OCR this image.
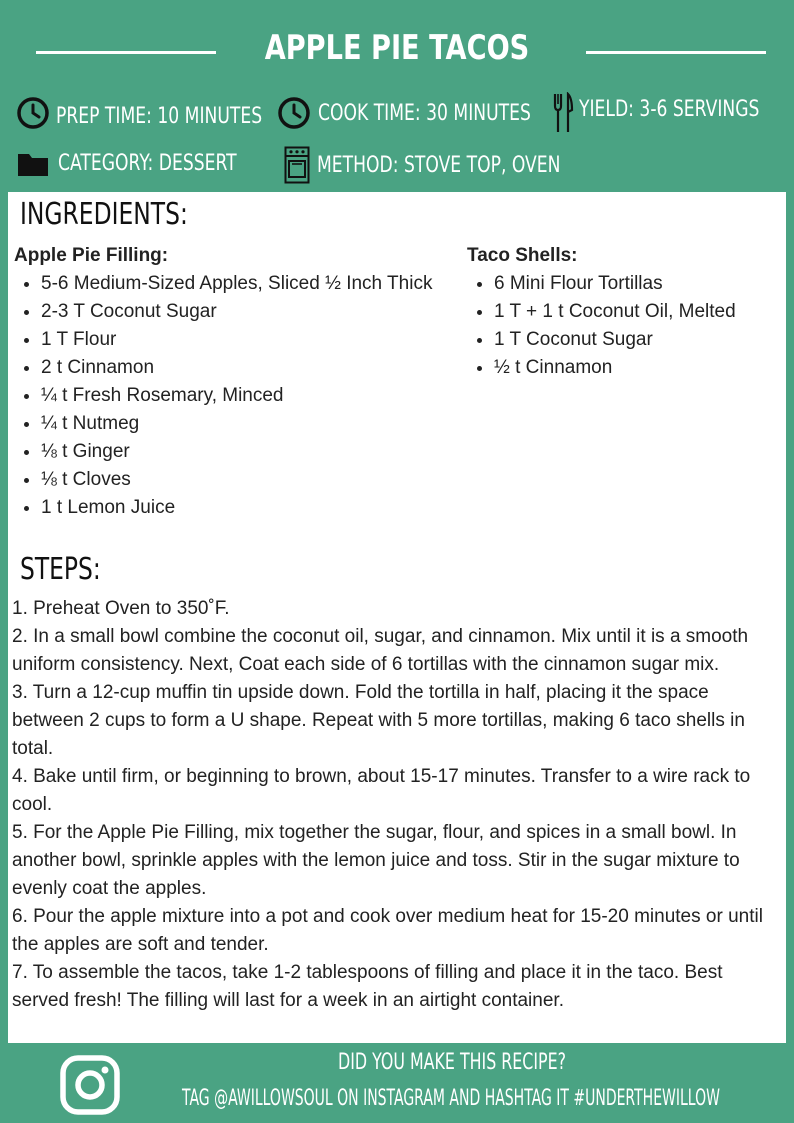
APPLE PIE TACOS
PREP TIME: 10 MINUTES	COOK TIME: 30 MINUTES YIELD: 3-6 SERVINGS
CATEGORY: DESSERT	METHOD: STOVE TOP, OVEN
INGREDIENTS:
Apple Pie Filling:
• 5-6 Medium-Sized Apples, Sliced ½ Inch Thick
• 2-3 T Coconut Sugar
• 1 T Flour
• 2 t Cinnamon
• ¼ t Fresh Rosemary, Minced
• ¼ t Nutmeg
• ⅛ t Ginger
• ⅛ t Cloves
• 1 t Lemon Juice
Taco Shells:
• 6 Mini Flour Tortillas
• 1 T + 1 t Coconut Oil, Melted
• 1 T Coconut Sugar
• ½ t Cinnamon
STEPS:

1. Preheat Oven to 350˚F.

2. In a small bowl combine the coconut oil, sugar, and cinnamon. Mix until it is a smooth uniform consistency. Next, Coat each side of 6 tortillas with the cinnamon sugar mix.

3. Turn a 12-cup muffin tin upside down. Fold the tortilla in half, placing it the space between 2 cups to form a U shape. Repeat with 5 more tortillas, making 6 taco shells in total.

4. Bake until firm, or beginning to brown, about 15-17 minutes. Transfer to a wire rack to cool.

5. For the Apple Pie Filling, mix together the sugar, flour, and spices in a small bowl. In another bowl, sprinkle apples with the lemon juice and toss. Stir in the sugar mixture to evenly coat the apples.

6. Pour the apple mixture into a pot and cook over medium heat for 15-20 minutes or until the apples are soft and tender.

7. To assemble the tacos, take 1-2 tablespoons of filling and place it in the taco. Best served fresh! The filling will last for a week in an airtight container.

DID YOU MAKE THIS RECIPE?
TAG @AWILLOWSOUL ON INSTAGRAM AND HASHTAG IT #UNDERTHEWILLOW
